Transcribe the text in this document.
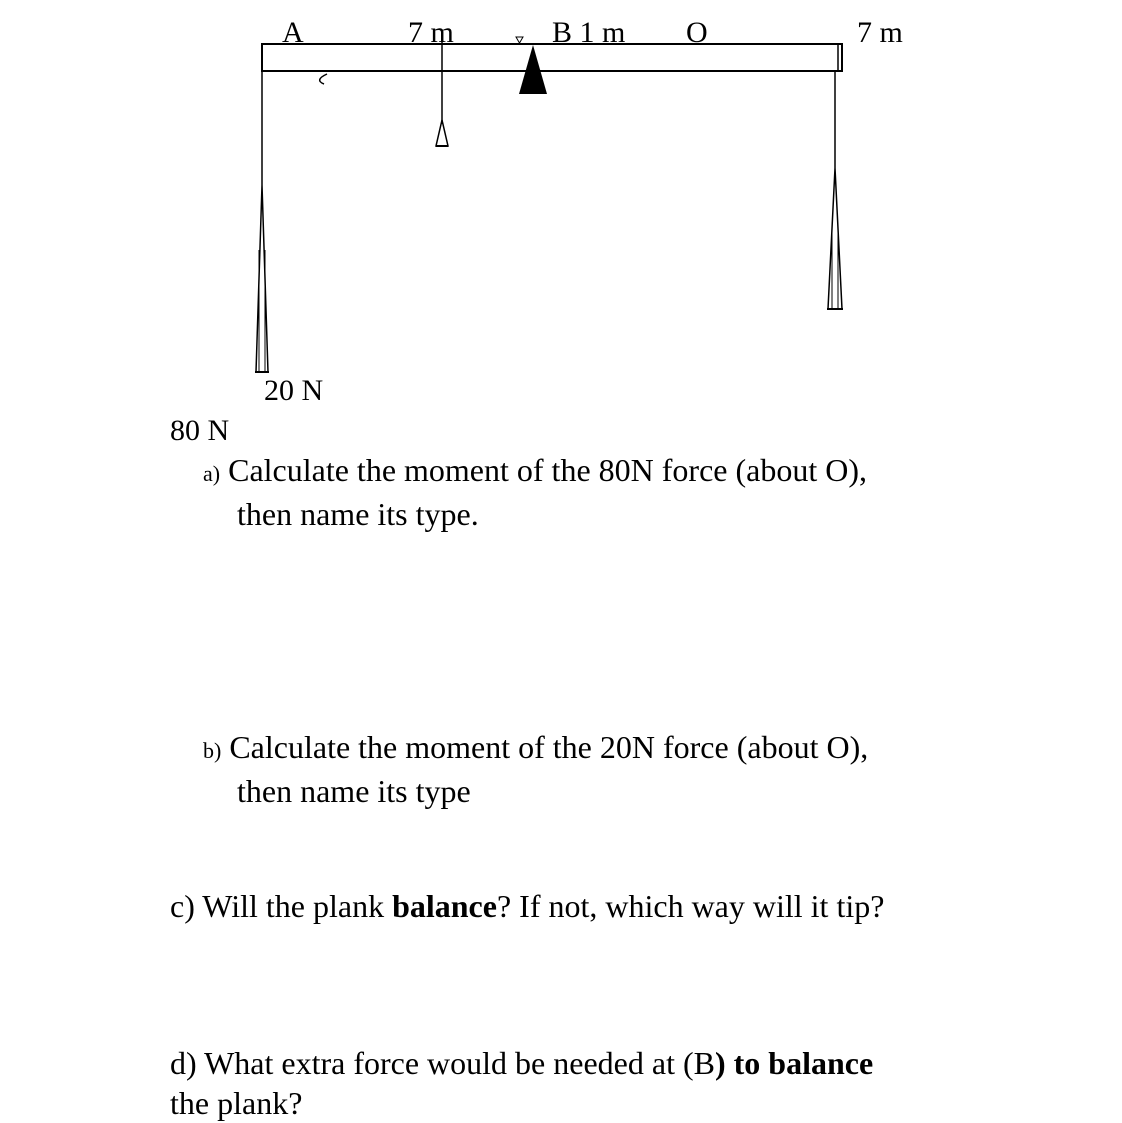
A	7 m	B 1 m O	7 m
20 N
80 N

a) Calculate the moment of the 80N force (about O),
then name its type.

b) Calculate the moment of the 20N force (about O),
then name its type

c) Will the plank balance? If not, which way will it tip?

d) What extra force would be needed at (B) to balance
the plank?
